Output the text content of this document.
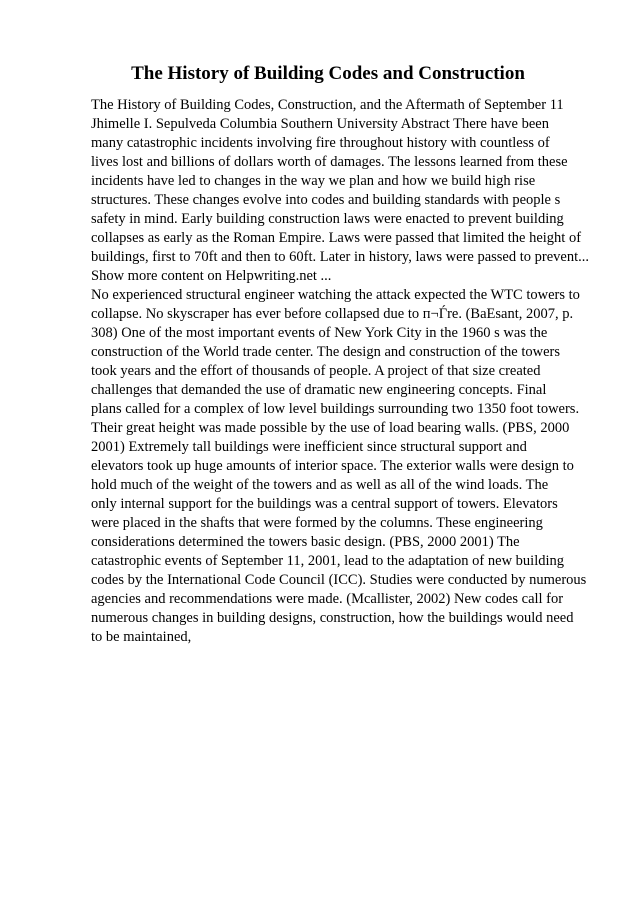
The History of Building Codes and Construction
The History of Building Codes, Construction, and the Aftermath of September 11
Jhimelle I. Sepulveda Columbia Southern University Abstract There have been
many catastrophic incidents involving fire throughout history with countless of
lives lost and billions of dollars worth of damages. The lessons learned from these
incidents have led to changes in the way we plan and how we build high rise
structures. These changes evolve into codes and building standards with people s
safety in mind. Early building construction laws were enacted to prevent building
collapses as early as the Roman Empire. Laws were passed that limited the height of
buildings, first to 70ft and then to 60ft. Later in history, laws were passed to prevent...
Show more content on Helpwriting.net ...
No experienced structural engineer watching the attack expected the WTC towers to
collapse. No skyscraper has ever before collapsed due to п¬Ѓre. (BaEsant, 2007, p.
308) One of the most important events of New York City in the 1960 s was the
construction of the World trade center. The design and construction of the towers
took years and the effort of thousands of people. A project of that size created
challenges that demanded the use of dramatic new engineering concepts. Final
plans called for a complex of low level buildings surrounding two 1350 foot towers.
Their great height was made possible by the use of load bearing walls. (PBS, 2000
2001) Extremely tall buildings were inefficient since structural support and
elevators took up huge amounts of interior space. The exterior walls were design to
hold much of the weight of the towers and as well as all of the wind loads. The
only internal support for the buildings was a central support of towers. Elevators
were placed in the shafts that were formed by the columns. These engineering
considerations determined the towers basic design. (PBS, 2000 2001) The
catastrophic events of September 11, 2001, lead to the adaptation of new building
codes by the International Code Council (ICC). Studies were conducted by numerous
agencies and recommendations were made. (Mcallister, 2002) New codes call for
numerous changes in building designs, construction, how the buildings would need
to be maintained,
